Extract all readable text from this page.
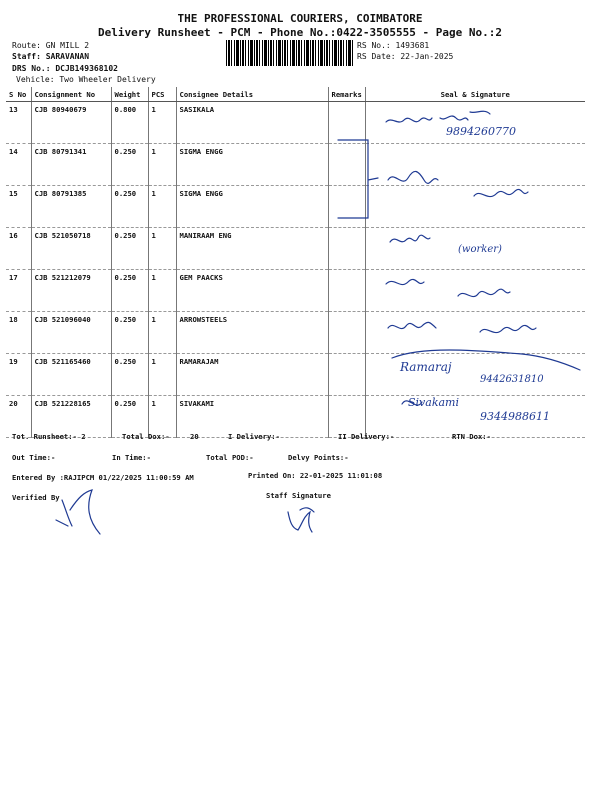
THE PROFESSIONAL COURIERS, COIMBATORE
Delivery Runsheet - PCM - Phone No.:0422-3505555 - Page No.:2
Route: GN MILL 2
Staff: SARAVANAN
DRS No.: DCJB149368102
Vehicle: Two Wheeler Delivery
RS No.: 1493681
RS Date: 22-Jan-2025
S No	Consignment No	Weight	PCS	Consignee Details	Remarks	Seal & Signature
13	CJB 80940679	0.800	1	SASIKALA		
14	CJB 80791341	0.250	1	SIGMA ENGG		
15	CJB 80791385	0.250	1	SIGMA ENGG		
16	CJB 521050718	0.250	1	MANIRAAM ENG		
17	CJB 521212079	0.250	1	GEM PAACKS		
18	CJB 521096040	0.250	1	ARROWSTEELS		
19	CJB 521165460	0.250	1	RAMARAJAM		
20	CJB 521228165	0.250	1	SIVAKAMI		
9894260770
(worker)
Ramaraj
9442631810
Sivakami
9344988611
Tot. Runsheet:- 2	Total Dox:-	20	I Delivery:-	II Delivery:-	RTN Dox:-
Out Time:-	In Time:-	Total POD:-	Delvy Points:-
Entered By :RAJIPCM 01/22/2025 11:00:59 AM	Printed On: 22-01-2025 11:01:08
Verified By	Staff Signature
